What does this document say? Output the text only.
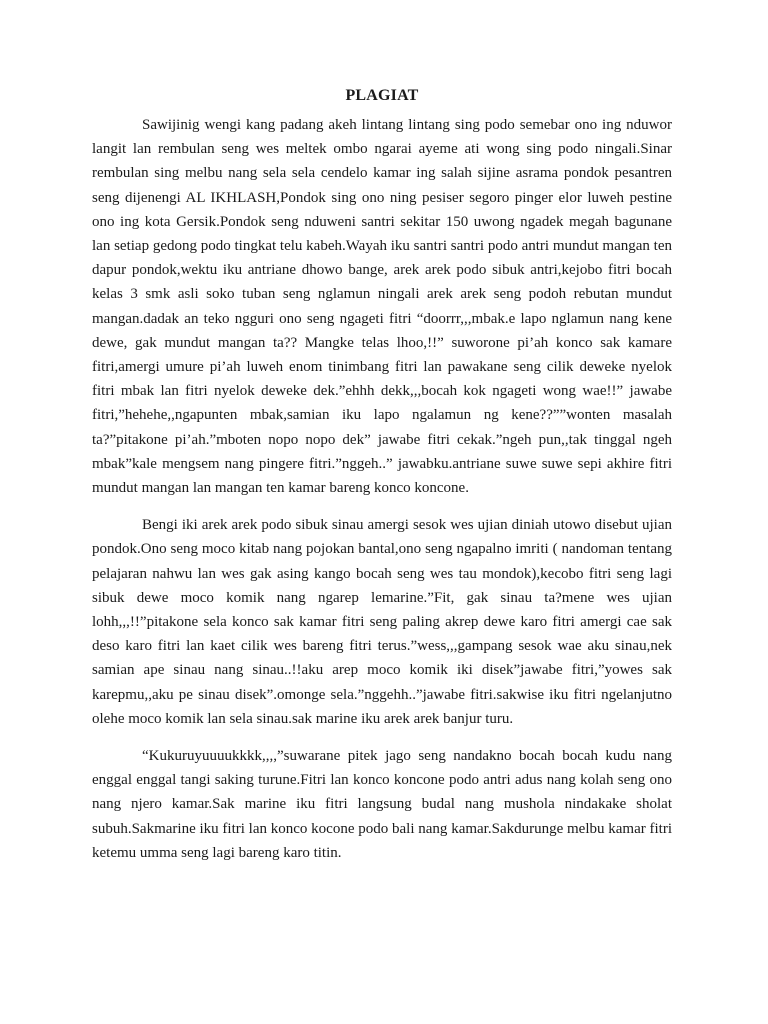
PLAGIAT

Sawijinig wengi kang padang akeh lintang lintang sing podo semebar ono ing nduwor langit lan rembulan seng wes meltek ombo ngarai ayeme ati wong sing podo ningali.Sinar rembulan sing melbu nang sela sela cendelo kamar ing salah sijine asrama pondok pesantren seng dijenengi AL IKHLASH,Pondok sing ono ning pesiser segoro pinger elor luweh pestine ono ing kota Gersik.Pondok seng nduweni santri sekitar 150 uwong ngadek megah bagunane lan setiap gedong podo tingkat telu kabeh.Wayah iku santri santri podo antri mundut mangan ten dapur pondok,wektu iku antriane dhowo bange, arek arek podo sibuk antri,kejobo fitri bocah kelas 3 smk asli soko tuban seng nglamun ningali arek arek seng podoh rebutan mundut mangan.dadak an teko ngguri ono seng ngageti fitri “doorrr,,,mbak.e lapo nglamun nang kene dewe, gak mundut mangan ta?? Mangke telas lhoo,!!” suworone pi’ah konco sak kamare fitri,amergi umure pi’ah luweh enom tinimbang fitri lan pawakane seng cilik deweke nyelok fitri mbak lan fitri nyelok deweke dek.”ehhh dekk,,,bocah kok ngageti wong wae!!” jawabe fitri,”hehehe,,ngapunten mbak,samian iku lapo ngalamun ng kene??””wonten masalah ta?”pitakone pi’ah.”mboten nopo nopo dek” jawabe fitri cekak.”ngeh pun,,tak tinggal ngeh mbak”kale mengsem nang pingere fitri.”nggeh..” jawabku.antriane suwe suwe sepi akhire fitri mundut mangan lan mangan ten kamar bareng konco koncone.

Bengi iki arek arek podo sibuk sinau amergi sesok wes ujian diniah utowo disebut ujian pondok.Ono seng moco kitab nang pojokan bantal,ono seng ngapalno imriti ( nandoman tentang pelajaran nahwu lan wes gak asing kango bocah seng wes tau mondok),kecobo fitri seng lagi sibuk dewe moco komik nang ngarep lemarine.”Fit, gak sinau ta?mene wes ujian lohh,,,!!”pitakone sela konco sak kamar fitri seng paling akrep dewe karo fitri amergi cae sak deso karo fitri lan kaet cilik wes bareng fitri terus.”wess,,,gampang sesok wae aku sinau,nek samian ape sinau nang sinau..!!aku arep moco komik iki disek”jawabe fitri,”yowes sak karepmu,,aku pe sinau disek”.omonge sela.”nggehh..”jawabe fitri.sakwise iku fitri ngelanjutno olehe moco komik lan sela sinau.sak marine iku arek arek banjur turu.

“Kukuruyuuuukkkk,,,,”suwarane pitek jago seng nandakno bocah bocah kudu nang enggal enggal tangi saking turune.Fitri lan konco koncone podo antri adus nang kolah seng ono nang njero kamar.Sak marine iku fitri langsung budal nang mushola nindakake sholat subuh.Sakmarine iku fitri lan konco kocone podo bali nang kamar.Sakdurunge melbu kamar fitri ketemu umma seng lagi bareng karo titin.
